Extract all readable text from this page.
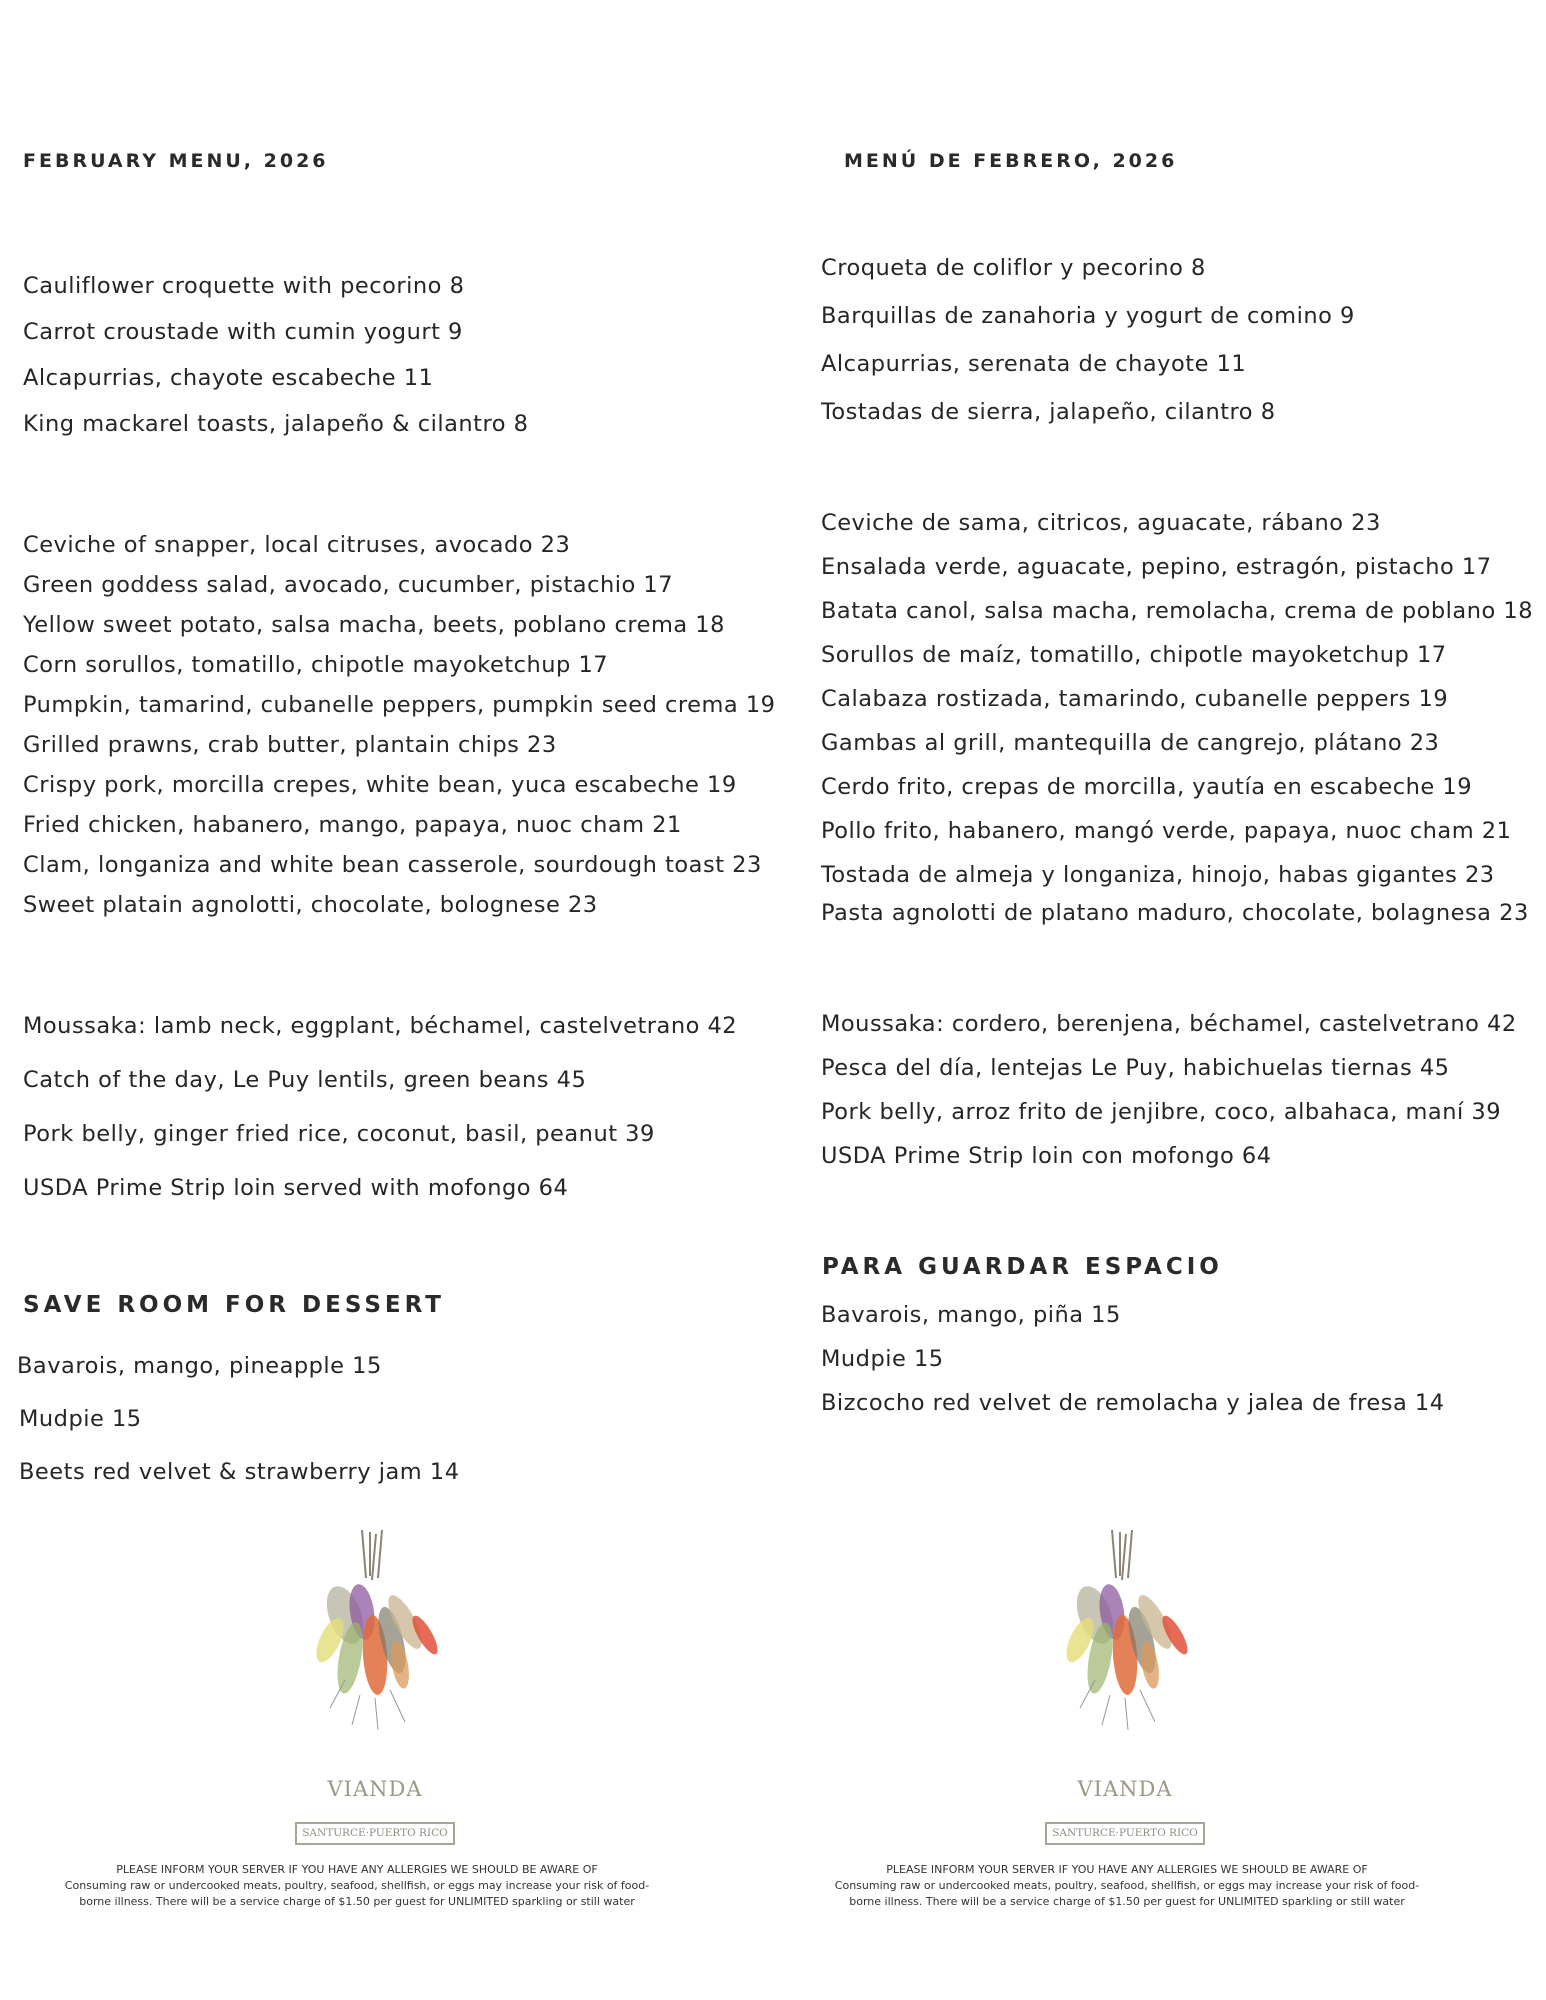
FEBRUARY MENU, 2026
Cauliflower croquette with pecorino 8
Carrot croustade with cumin yogurt 9
Alcapurrias, chayote escabeche 11
King mackarel toasts, jalapeño & cilantro 8
Ceviche of snapper, local citruses, avocado 23
Green goddess salad, avocado, cucumber, pistachio 17
Yellow sweet potato, salsa macha, beets, poblano crema 18
Corn sorullos, tomatillo, chipotle mayoketchup 17
Pumpkin, tamarind, cubanelle peppers, pumpkin seed crema 19
Grilled prawns, crab butter, plantain chips 23
Crispy pork, morcilla crepes, white bean, yuca escabeche 19
Fried chicken, habanero, mango, papaya, nuoc cham 21
Clam, longaniza and white bean casserole, sourdough toast 23
Sweet platain agnolotti, chocolate, bolognese 23
Moussaka: lamb neck, eggplant, béchamel, castelvetrano 42
Catch of the day, Le Puy lentils, green beans 45
Pork belly, ginger fried rice, coconut, basil, peanut 39
USDA Prime Strip loin served with mofongo 64
SAVE ROOM FOR DESSERT
Bavarois, mango, pineapple 15
Mudpie 15
Beets red velvet & strawberry jam 14
MENÚ DE FEBRERO, 2026
Croqueta de coliflor y pecorino 8
Barquillas de zanahoria y yogurt de comino 9
Alcapurrias, serenata de chayote 11
Tostadas de sierra, jalapeño, cilantro 8
Ceviche de sama, citricos, aguacate, rábano 23
Ensalada verde, aguacate, pepino, estragón, pistacho 17
Batata canol, salsa macha, remolacha, crema de poblano 18
Sorullos de maíz, tomatillo, chipotle mayoketchup 17
Calabaza rostizada, tamarindo, cubanelle peppers 19
Gambas al grill, mantequilla de cangrejo, plátano 23
Cerdo frito, crepas de morcilla, yautía en escabeche 19
Pollo frito, habanero, mangó verde, papaya, nuoc cham 21
Tostada de almeja y longaniza, hinojo, habas gigantes 23
Pasta agnolotti de platano maduro, chocolate, bolagnesa 23
Moussaka: cordero, berenjena, béchamel, castelvetrano 42
Pesca del día, lentejas Le Puy, habichuelas tiernas 45
Pork belly, arroz frito de jenjibre, coco, albahaca, maní 39
USDA Prime Strip loin con mofongo 64
PARA GUARDAR ESPACIO
Bavarois, mango, piña 15
Mudpie 15
Bizcocho red velvet de remolacha y jalea de fresa 14
VIANDA
SANTURCE·PUERTO RICO
VIANDA
SANTURCE·PUERTO RICO
PLEASE INFORM YOUR SERVER IF YOU HAVE ANY ALLERGIES WE SHOULD BE AWARE OF
Consuming raw or undercooked meats, poultry, seafood, shellfish, or eggs may increase your risk of food-
borne illness. There will be a service charge of $1.50 per guest for UNLIMITED sparkling or still water
PLEASE INFORM YOUR SERVER IF YOU HAVE ANY ALLERGIES WE SHOULD BE AWARE OF
Consuming raw or undercooked meats, poultry, seafood, shellfish, or eggs may increase your risk of food-
borne illness. There will be a service charge of $1.50 per guest for UNLIMITED sparkling or still water
